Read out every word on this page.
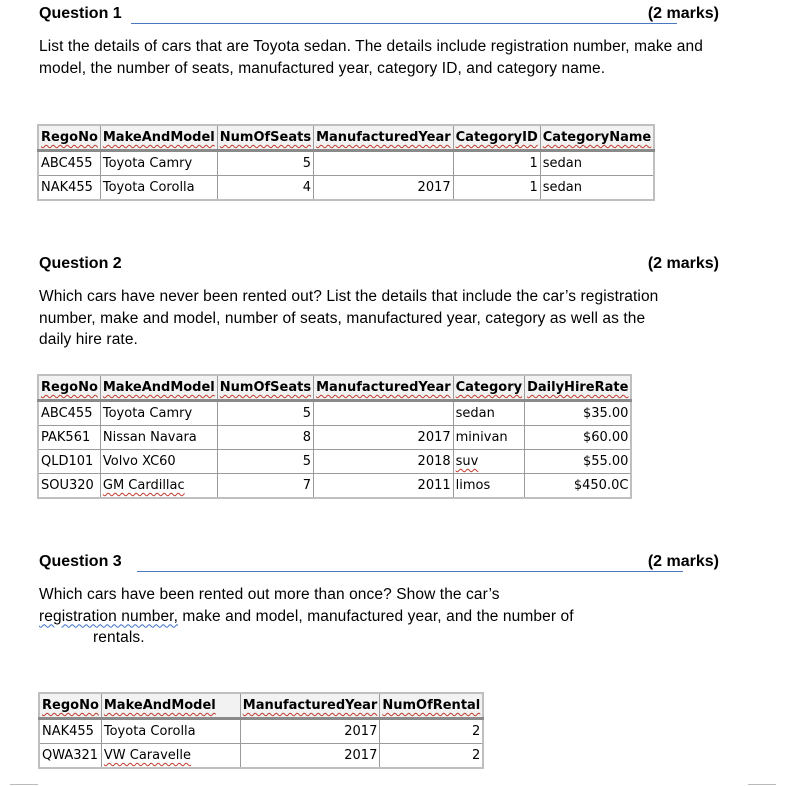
Question 1	(2 marks)
List the details of cars that are Toyota sedan. The details include registration number, make and model, the number of seats, manufactured year, category ID, and category name.
RegoNo	MakeAndModel	NumOfSeats	ManufacturedYear	CategoryID	CategoryName
ABC455	Toyota Camry	5		1	sedan
NAK455	Toyota Corolla	4	2017	1	sedan
Question 2	(2 marks)
Which cars have never been rented out? List the details that include the car’s registration number, make and model, number of seats, manufactured year, category as well as the daily hire rate.
RegoNo	MakeAndModel	NumOfSeats	ManufacturedYear	Category	DailyHireRate
ABC455	Toyota Camry	5		sedan	$35.00
PAK561	Nissan Navara	8	2017	minivan	$60.00
QLD101	Volvo XC60	5	2018	suv	$55.00
SOU320	GM Cardillac	7	2011	limos	$450.0C
Question 3	(2 marks)
Which cars have been rented out more than once? Show the car’s
registration number, make and model, manufactured year, and the number of
rentals.
RegoNo	MakeAndModel	ManufacturedYear	NumOfRental
NAK455	Toyota Corolla	2017	2
QWA321	VW Caravelle	2017	2
